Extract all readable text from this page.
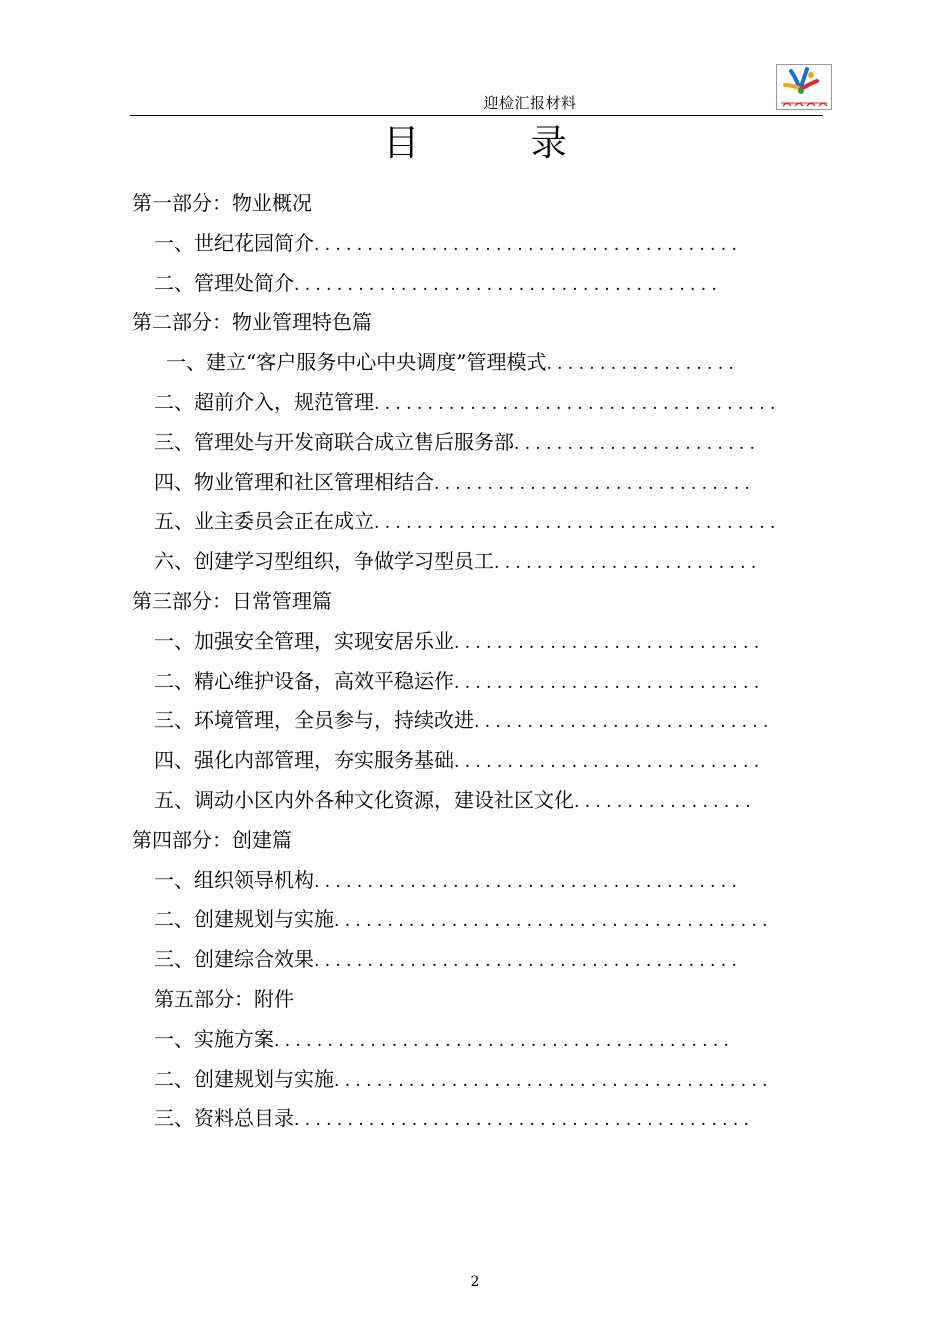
迎检汇报材料
目 录
第一部分：物业概况
一、世纪花园简介........................................
二、管理处简介........................................
第二部分：物业管理特色篇
一、建立“客户服务中心中央调度”管理模式..................
二、超前介入，规范管理......................................
三、管理处与开发商联合成立售后服务部.......................
四、物业管理和社区管理相结合..............................
五、业主委员会正在成立......................................
六、创建学习型组织，争做学习型员工.........................
第三部分：日常管理篇
一、加强安全管理，实现安居乐业.............................
二、精心维护设备，高效平稳运作.............................
三、环境管理，全员参与，持续改进............................
四、强化内部管理，夯实服务基础.............................
五、调动小区内外各种文化资源，建设社区文化.................
第四部分：创建篇
一、组织领导机构........................................
二、创建规划与实施.........................................
三、创建综合效果........................................
第五部分：附件
一、实施方案...........................................
二、创建规划与实施.........................................
三、资料总目录...........................................
2
